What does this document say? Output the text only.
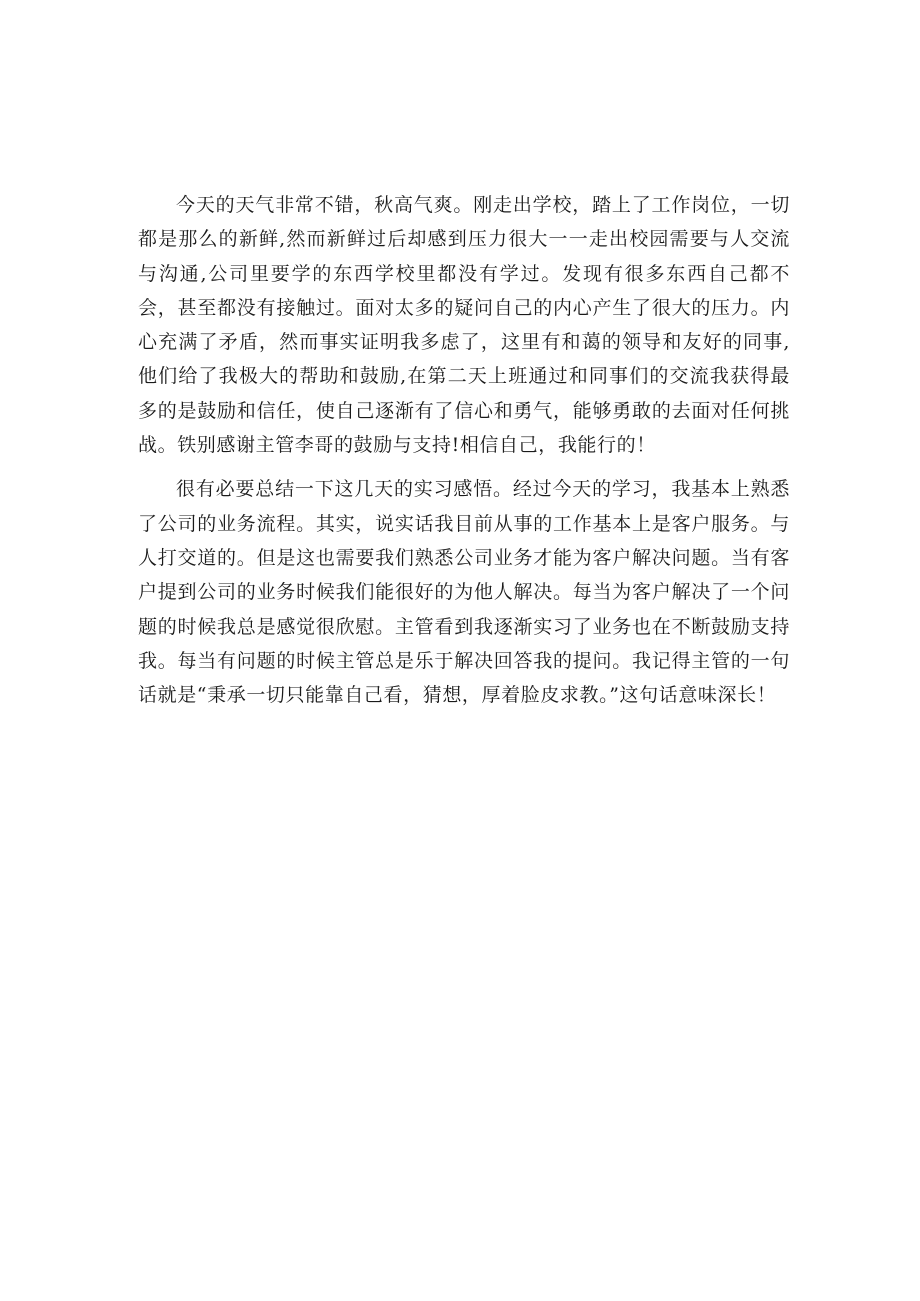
今天的天气非常不错，秋高气爽。刚走出学校，踏上了工作岗位，一切都是那么的新鲜,然而新鲜过后却感到压力很大一一走出校园需要与人交流与沟通,公司里要学的东西学校里都没有学过。发现有很多东西自己都不会，甚至都没有接触过。面对太多的疑问自己的内心产生了很大的压力。内心充满了矛盾，然而事实证明我多虑了，这里有和蔼的领导和友好的同事,他们给了我极大的帮助和鼓励,在第二天上班通过和同事们的交流我获得最多的是鼓励和信任，使自己逐渐有了信心和勇气，能够勇敢的去面对任何挑战。铁别感谢主管李哥的鼓励与支持!相信自己，我能行的！

很有必要总结一下这几天的实习感悟。经过今天的学习，我基本上熟悉了公司的业务流程。其实，说实话我目前从事的工作基本上是客户服务。与人打交道的。但是这也需要我们熟悉公司业务才能为客户解决问题。当有客户提到公司的业务时候我们能很好的为他人解决。每当为客户解决了一个问题的时候我总是感觉很欣慰。主管看到我逐渐实习了业务也在不断鼓励支持我。每当有问题的时候主管总是乐于解决回答我的提问。我记得主管的一句话就是“秉承一切只能靠自己看，猜想，厚着脸皮求教。”这句话意味深长！
